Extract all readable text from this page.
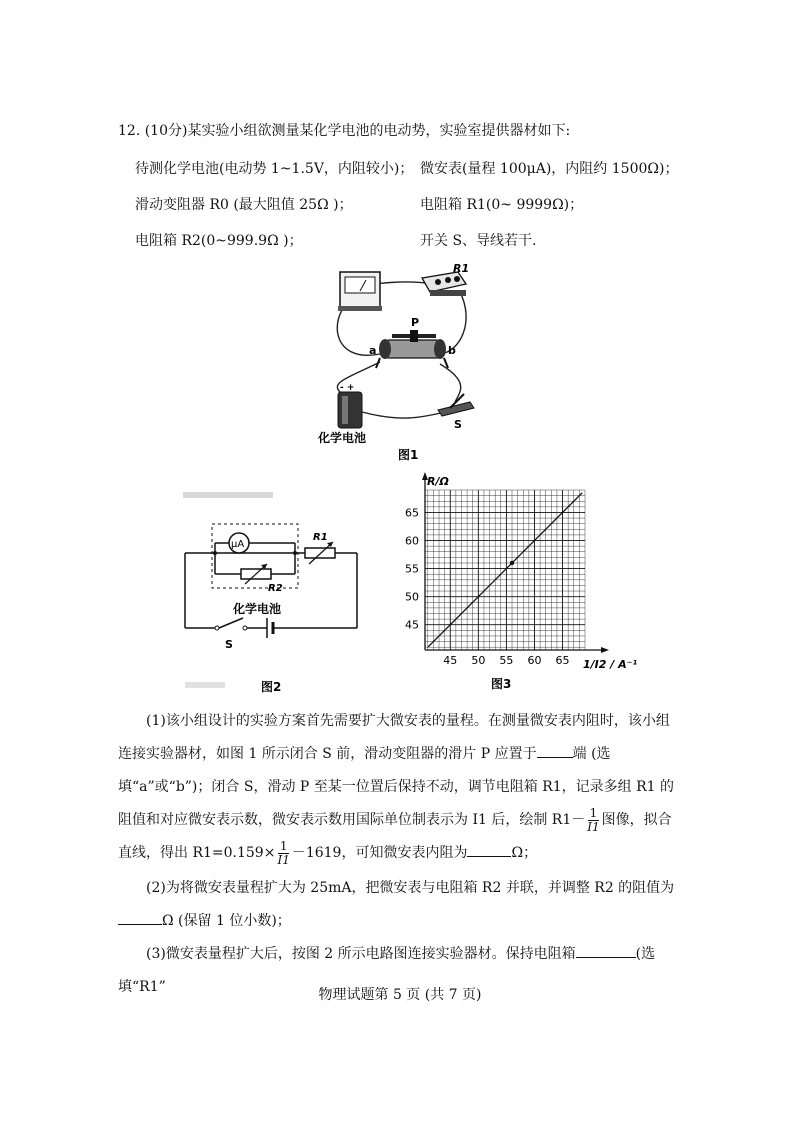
12. (10分)某实验小组欲测量某化学电池的电动势，实验室提供器材如下:
待测化学电池(电动势 1~1.5V，内阻较小)； 微安表(量程 100μA)，内阻约 1500Ω)；
滑动变阻器 R0 (最大阻值 25Ω )；	电阻箱 R1(0~ 9999Ω)；
电阻箱 R2(0~999.9Ω )；	开关 S、导线若干.
R1
P
a	b
- +
S
化学电池
图1
μA
R2
R1
化学电池
S
图2
45 50 55 60 65
45
50
55
60
65
R/Ω
1/I2 / A⁻¹
图3
(1)该小组设计的实验方案首先需要扩大微安表的量程。在测量微安表内阻时，该小组连接实验器材，如图 1 所示闭合 S 前，滑动变阻器的滑片 P 应置于	端 (选填“a”或“b”)；闭合 S，滑动 P 至某一位置后保持不动，调节电阻箱 R1，记录多组 R1 的阻值和对应微安表示数，微安表示数用国际单位制表示为 I1 后，绘制 $R1- \frac{1}{I1}$ 图像，拟合直线，得出 $R1=0.159\times \frac{1}{I1} -1619$，可知微安表内阻为	Ω；
(2)为将微安表量程扩大为 25mA，把微安表与电阻箱 R2 并联，并调整 R2 的阻值为Ω (保留 1 位小数)；
(3)微安表量程扩大后，按图 2 所示电路图连接实验器材。保持电阻箱	(选填“R1”	物理试题第 5 页 (共 7 页)
